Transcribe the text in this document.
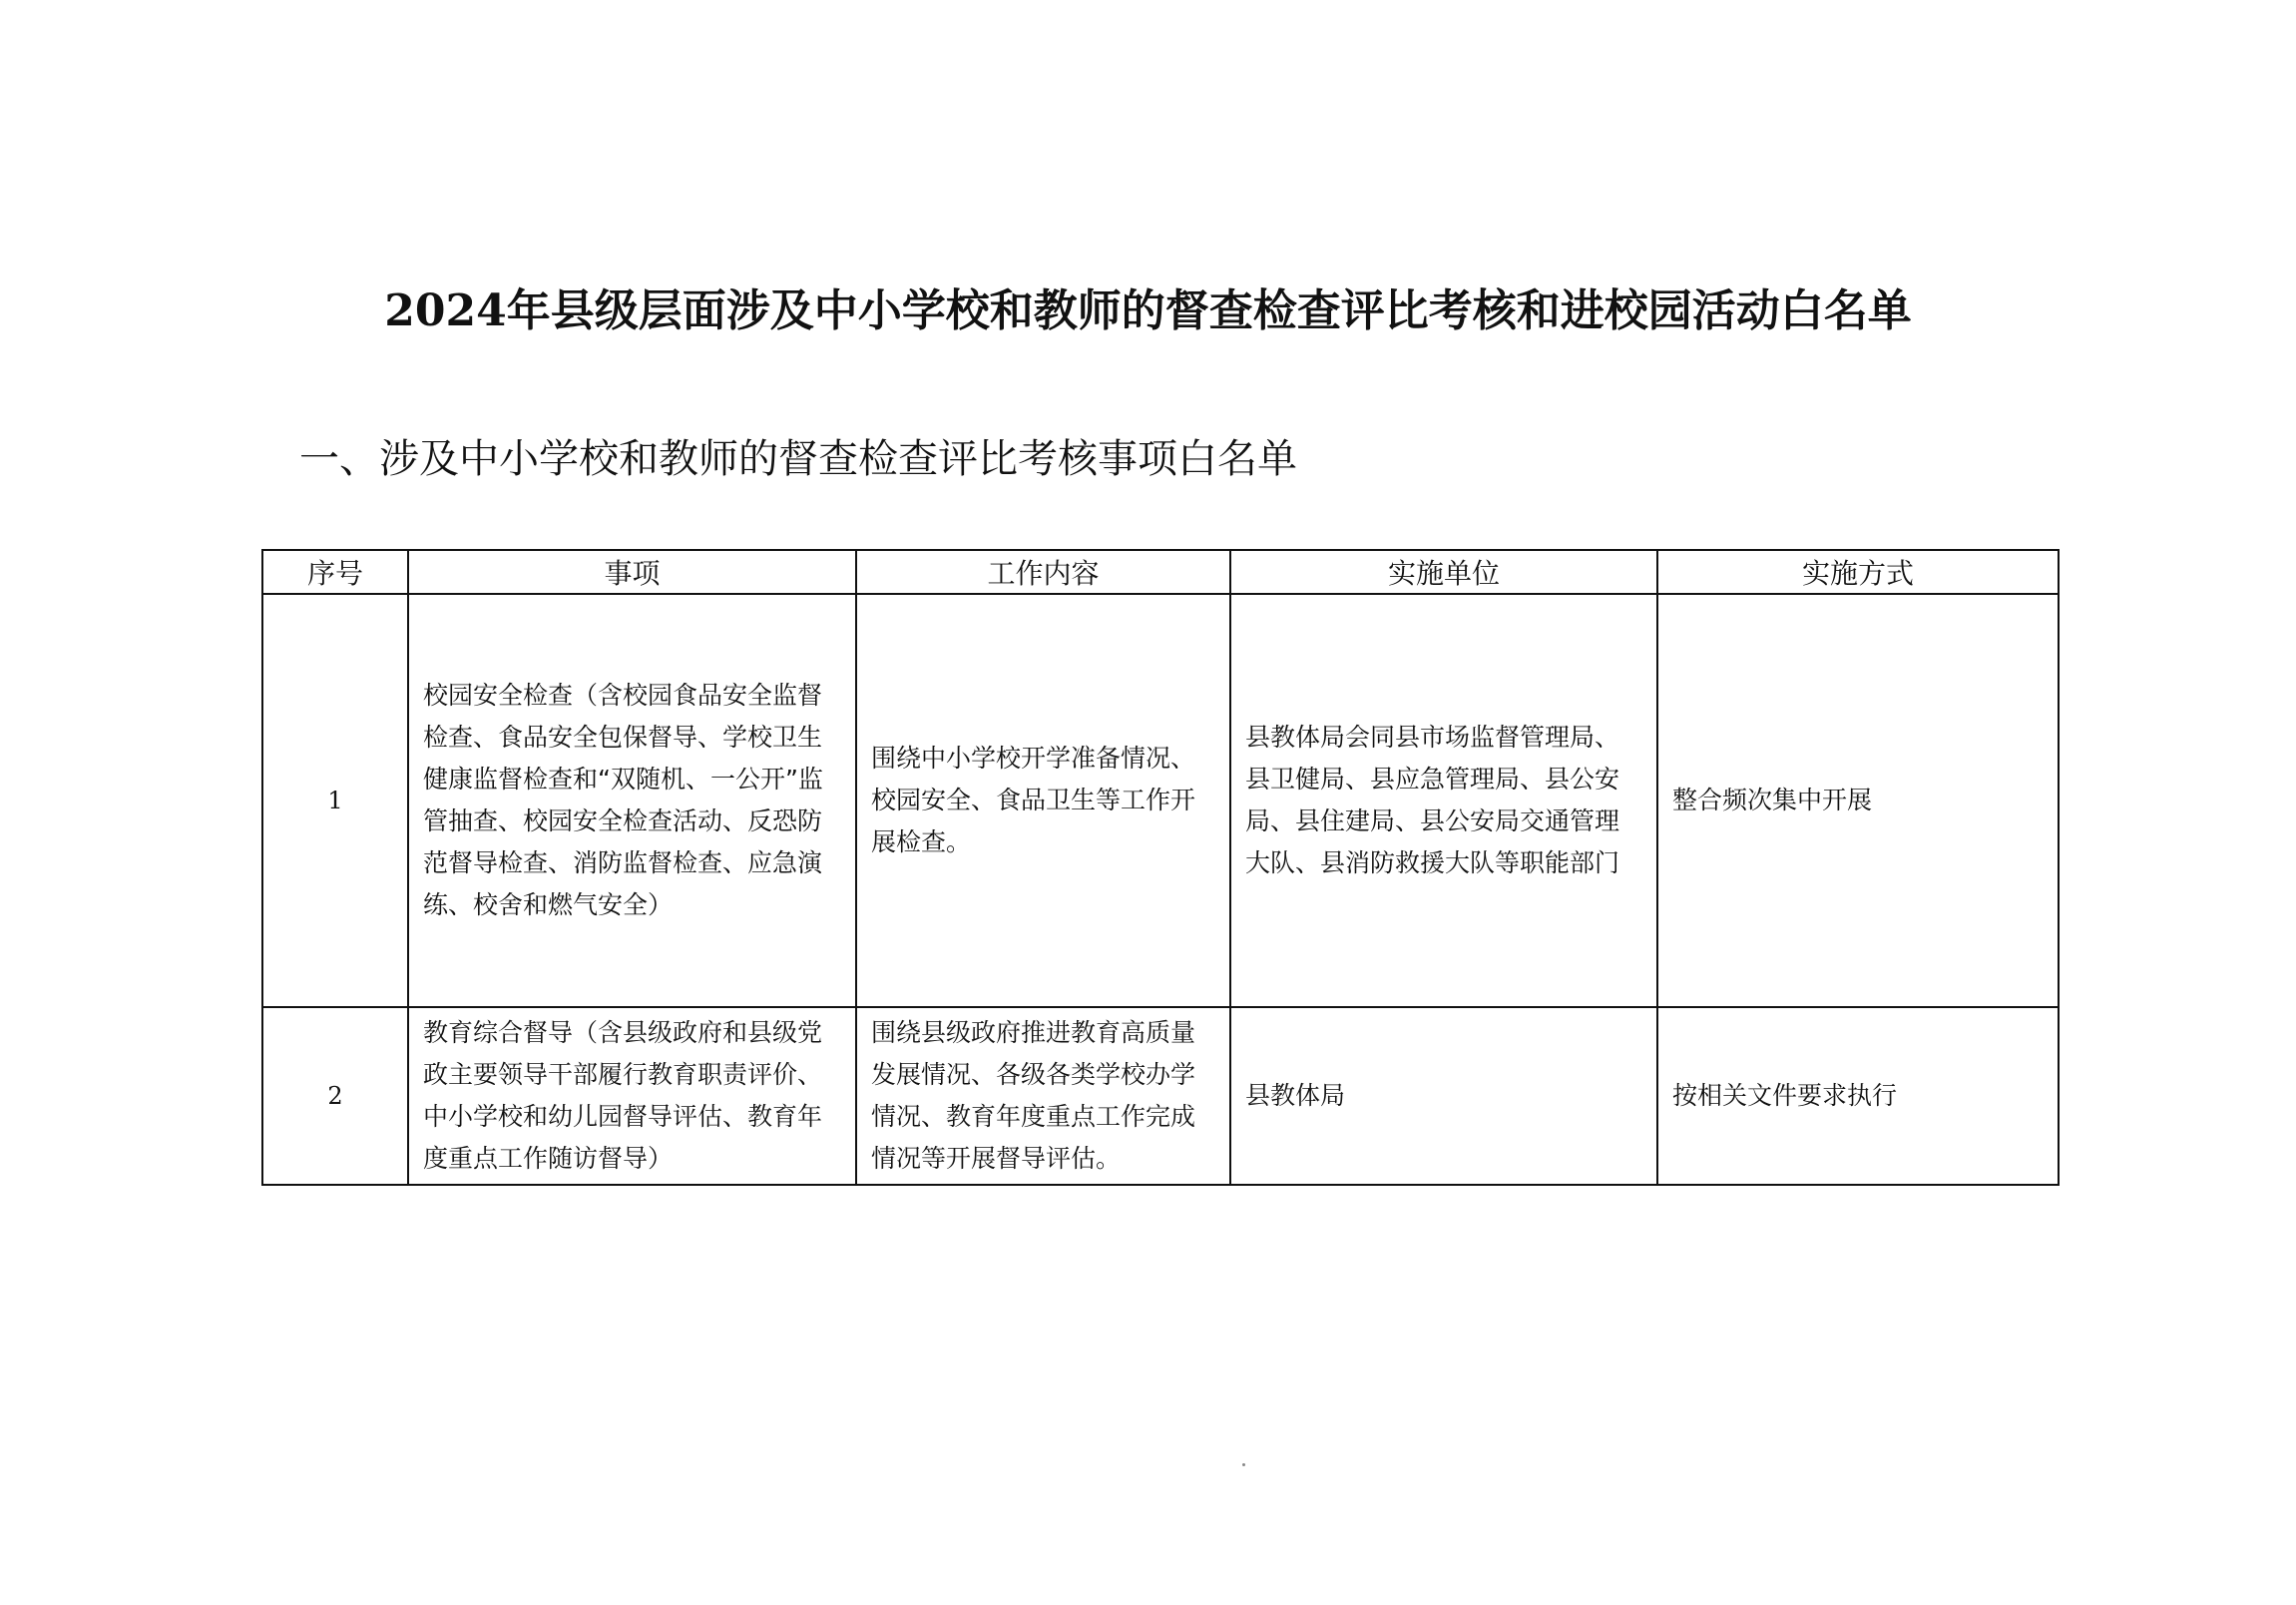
2024年县级层面涉及中小学校和教师的督查检查评比考核和进校园活动白名单
一、涉及中小学校和教师的督查检查评比考核事项白名单
序号	事项	工作内容	实施单位	实施方式
1	校园安全检查（含校园食品安全监督检查、食品安全包保督导、学校卫生健康监督检查和“双随机、一公开”监管抽查、校园安全检查活动、反恐防范督导检查、消防监督检查、应急演练、校舍和燃气安全）	围绕中小学校开学准备情况、校园安全、食品卫生等工作开展检查。	县教体局会同县市场监督管理局、县卫健局、县应急管理局、县公安局、县住建局、县公安局交通管理大队、县消防救援大队等职能部门	整合频次集中开展
2	教育综合督导（含县级政府和县级党政主要领导干部履行教育职责评价、中小学校和幼儿园督导评估、教育年度重点工作随访督导）	围绕县级政府推进教育高质量发展情况、各级各类学校办学情况、教育年度重点工作完成情况等开展督导评估。	县教体局	按相关文件要求执行
